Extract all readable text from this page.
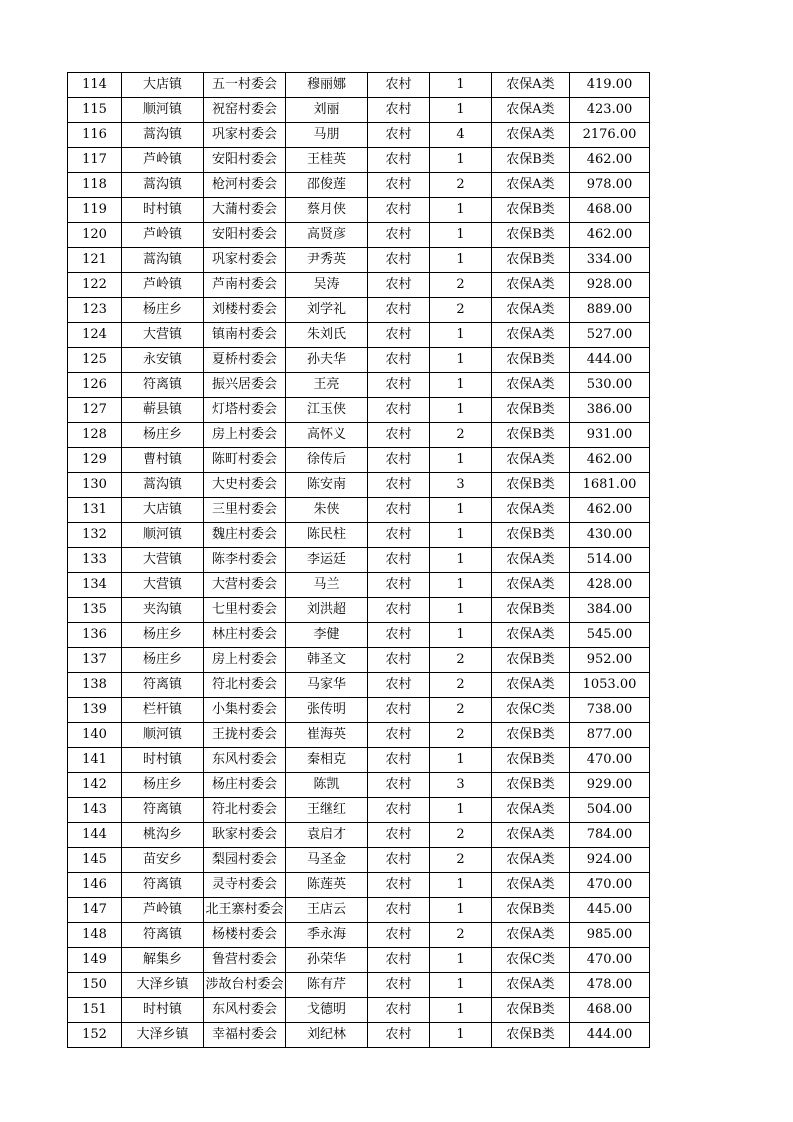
114	大店镇	五一村委会	穆丽娜	农村	1	农保A类	419.00
115	顺河镇	祝窑村委会	刘丽	农村	1	农保A类	423.00
116	蒿沟镇	巩家村委会	马朋	农村	4	农保A类	2176.00
117	芦岭镇	安阳村委会	王桂英	农村	1	农保B类	462.00
118	蒿沟镇	枪河村委会	邵俊莲	农村	2	农保A类	978.00
119	时村镇	大蒲村委会	蔡月侠	农村	1	农保B类	468.00
120	芦岭镇	安阳村委会	高贤彦	农村	1	农保B类	462.00
121	蒿沟镇	巩家村委会	尹秀英	农村	1	农保B类	334.00
122	芦岭镇	芦南村委会	吴涛	农村	2	农保A类	928.00
123	杨庄乡	刘楼村委会	刘学礼	农村	2	农保A类	889.00
124	大营镇	镇南村委会	朱刘氏	农村	1	农保A类	527.00
125	永安镇	夏桥村委会	孙夫华	农村	1	农保B类	444.00
126	符离镇	振兴居委会	王亮	农村	1	农保A类	530.00
127	蕲县镇	灯塔村委会	江玉侠	农村	1	农保B类	386.00
128	杨庄乡	房上村委会	高怀义	农村	2	农保B类	931.00
129	曹村镇	陈町村委会	徐传后	农村	1	农保A类	462.00
130	蒿沟镇	大史村委会	陈安南	农村	3	农保B类	1681.00
131	大店镇	三里村委会	朱侠	农村	1	农保A类	462.00
132	顺河镇	魏庄村委会	陈民柱	农村	1	农保B类	430.00
133	大营镇	陈李村委会	李运廷	农村	1	农保A类	514.00
134	大营镇	大营村委会	马兰	农村	1	农保A类	428.00
135	夹沟镇	七里村委会	刘洪超	农村	1	农保B类	384.00
136	杨庄乡	林庄村委会	李健	农村	1	农保A类	545.00
137	杨庄乡	房上村委会	韩圣文	农村	2	农保B类	952.00
138	符离镇	符北村委会	马家华	农村	2	农保A类	1053.00
139	栏杆镇	小集村委会	张传明	农村	2	农保C类	738.00
140	顺河镇	王拢村委会	崔海英	农村	2	农保B类	877.00
141	时村镇	东风村委会	秦相克	农村	1	农保B类	470.00
142	杨庄乡	杨庄村委会	陈凯	农村	3	农保B类	929.00
143	符离镇	符北村委会	王继红	农村	1	农保A类	504.00
144	桃沟乡	耿家村委会	袁启才	农村	2	农保A类	784.00
145	苗安乡	梨园村委会	马圣金	农村	2	农保A类	924.00
146	符离镇	灵寺村委会	陈莲英	农村	1	农保A类	470.00
147	芦岭镇	北王寨村委会	王店云	农村	1	农保B类	445.00
148	符离镇	杨楼村委会	季永海	农村	2	农保A类	985.00
149	解集乡	鲁营村委会	孙荣华	农村	1	农保C类	470.00
150	大泽乡镇	涉故台村委会	陈有芹	农村	1	农保A类	478.00
151	时村镇	东风村委会	戈德明	农村	1	农保B类	468.00
152	大泽乡镇	幸福村委会	刘纪林	农村	1	农保B类	444.00
